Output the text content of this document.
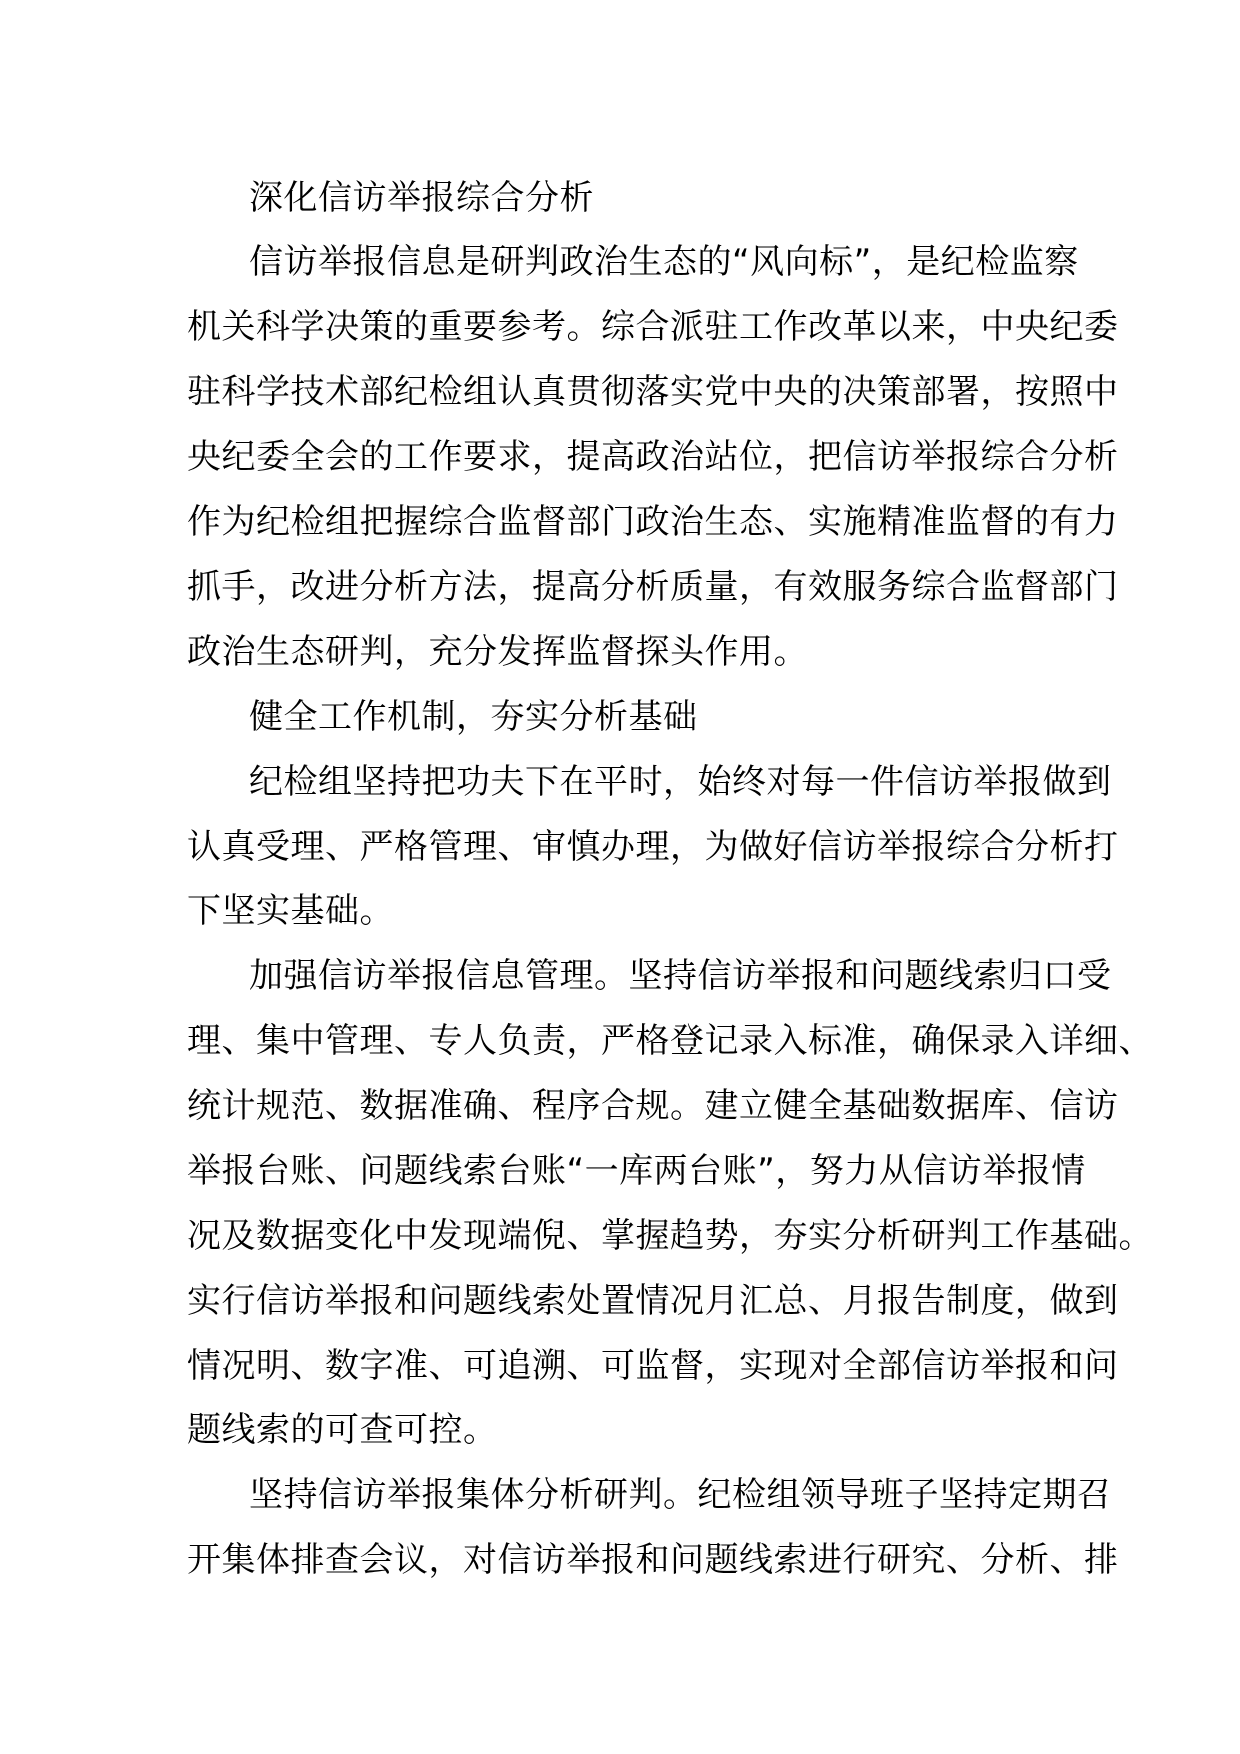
深化信访举报综合分析
信访举报信息是研判政治生态的“风向标”，是纪检监察
机关科学决策的重要参考。综合派驻工作改革以来，中央纪委
驻科学技术部纪检组认真贯彻落实党中央的决策部署，按照中
央纪委全会的工作要求，提高政治站位，把信访举报综合分析
作为纪检组把握综合监督部门政治生态、实施精准监督的有力
抓手，改进分析方法，提高分析质量，有效服务综合监督部门
政治生态研判，充分发挥监督探头作用。
健全工作机制，夯实分析基础
纪检组坚持把功夫下在平时，始终对每一件信访举报做到
认真受理、严格管理、审慎办理，为做好信访举报综合分析打
下坚实基础。
加强信访举报信息管理。坚持信访举报和问题线索归口受
理、集中管理、专人负责，严格登记录入标准，确保录入详细、
统计规范、数据准确、程序合规。建立健全基础数据库、信访
举报台账、问题线索台账“一库两台账”，努力从信访举报情
况及数据变化中发现端倪、掌握趋势，夯实分析研判工作基础。
实行信访举报和问题线索处置情况月汇总、月报告制度，做到
情况明、数字准、可追溯、可监督，实现对全部信访举报和问
题线索的可查可控。
坚持信访举报集体分析研判。纪检组领导班子坚持定期召
开集体排查会议，对信访举报和问题线索进行研究、分析、排
